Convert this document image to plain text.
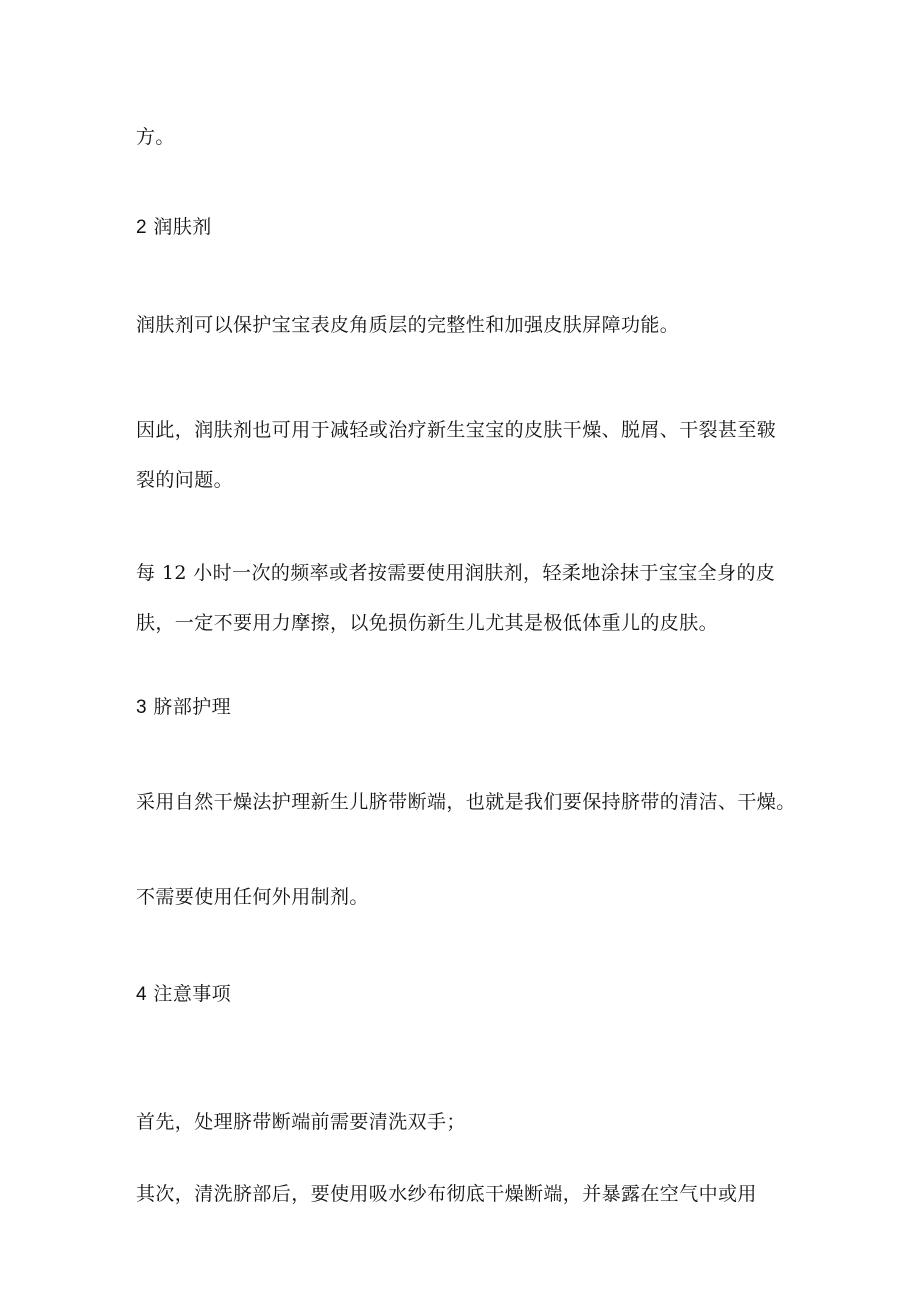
方。
2 润肤剂
润肤剂可以保护宝宝表皮角质层的完整性和加强皮肤屏障功能。
因此，润肤剂也可用于减轻或治疗新生宝宝的皮肤干燥、脱屑、干裂甚至皲裂的问题。
每 12 小时一次的频率或者按需要使用润肤剂，轻柔地涂抹于宝宝全身的皮肤，一定不要用力摩擦，以免损伤新生儿尤其是极低体重儿的皮肤。
3 脐部护理
采用自然干燥法护理新生儿脐带断端，也就是我们要保持脐带的清洁、干燥。
不需要使用任何外用制剂。
4 注意事项
首先，处理脐带断端前需要清洗双手；
其次，清洗脐部后，要使用吸水纱布彻底干燥断端，并暴露在空气中或用
